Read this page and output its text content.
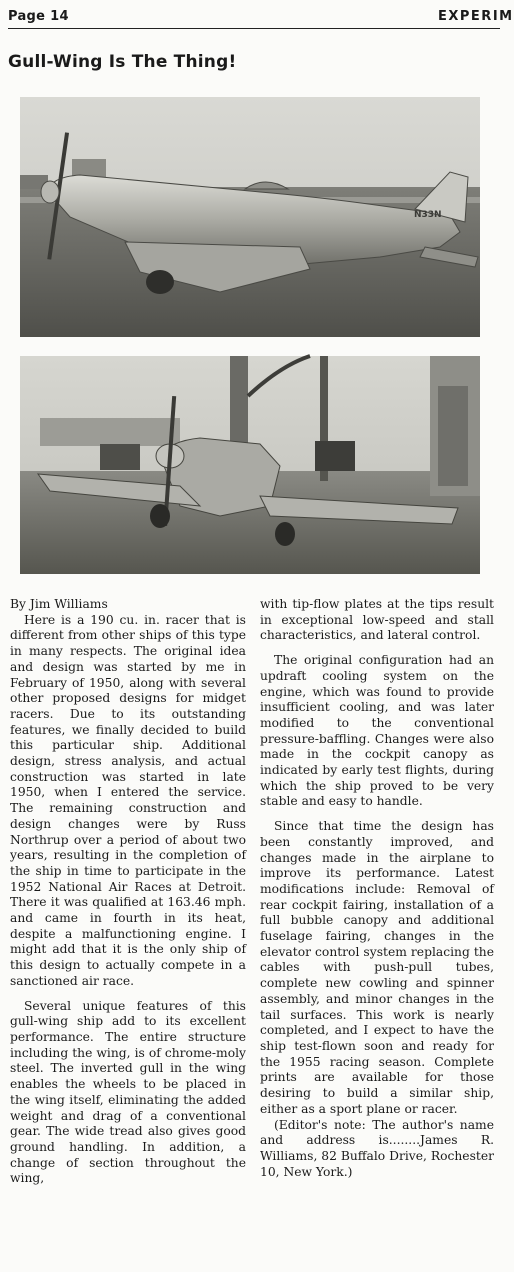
Page 14	EXPERIM
Gull-Wing Is The Thing!
N33N

By Jim Williams

Here is a 190 cu. in. racer that is different from other ships of this type in many respects. The original idea and design was started by me in February of 1950, along with several other proposed designs for midget racers. Due to its outstanding features, we finally decided to build this particular ship. Additional design, stress analysis, and actual construction was started in late 1950, when I entered the service. The remaining construction and design changes were by Russ Northrup over a period of about two years, resulting in the completion of the ship in time to participate in the 1952 National Air Races at Detroit. There it was qualified at 163.46 mph. and came in fourth in its heat, despite a malfunctioning engine. I might add that it is the only ship of this design to actually compete in a sanctioned air race.

Several unique features of this gull-wing ship add to its excellent performance. The entire structure including the wing, is of chrome-moly steel. The inverted gull in the wing enables the wheels to be placed in the wing itself, eliminating the added weight and drag of a conventional gear. The wide tread also gives good ground handling. In addition, a change of section throughout the wing,

with tip-flow plates at the tips result in exceptional low-speed and stall characteristics, and lateral control.

The original configuration had an updraft cooling system on the engine, which was found to provide insufficient cooling, and was later modified to the conventional pressure-baffling. Changes were also made in the cockpit canopy as indicated by early test flights, during which the ship proved to be very stable and easy to handle.

Since that time the design has been constantly improved, and changes made in the airplane to improve its performance. Latest modifications include: Removal of rear cockpit fairing, installation of a full bubble canopy and additional fuselage fairing, changes in the elevator control system replacing the cables with push-pull tubes, complete new cowling and spinner assembly, and minor changes in the tail surfaces. This work is nearly completed, and I expect to have the ship test-flown soon and ready for the 1955 racing season. Complete prints are available for those desiring to build a similar ship, either as a sport plane or racer.

(Editor's note: The author's name and address is........James R. Williams, 82 Buffalo Drive, Rochester 10, New York.)
